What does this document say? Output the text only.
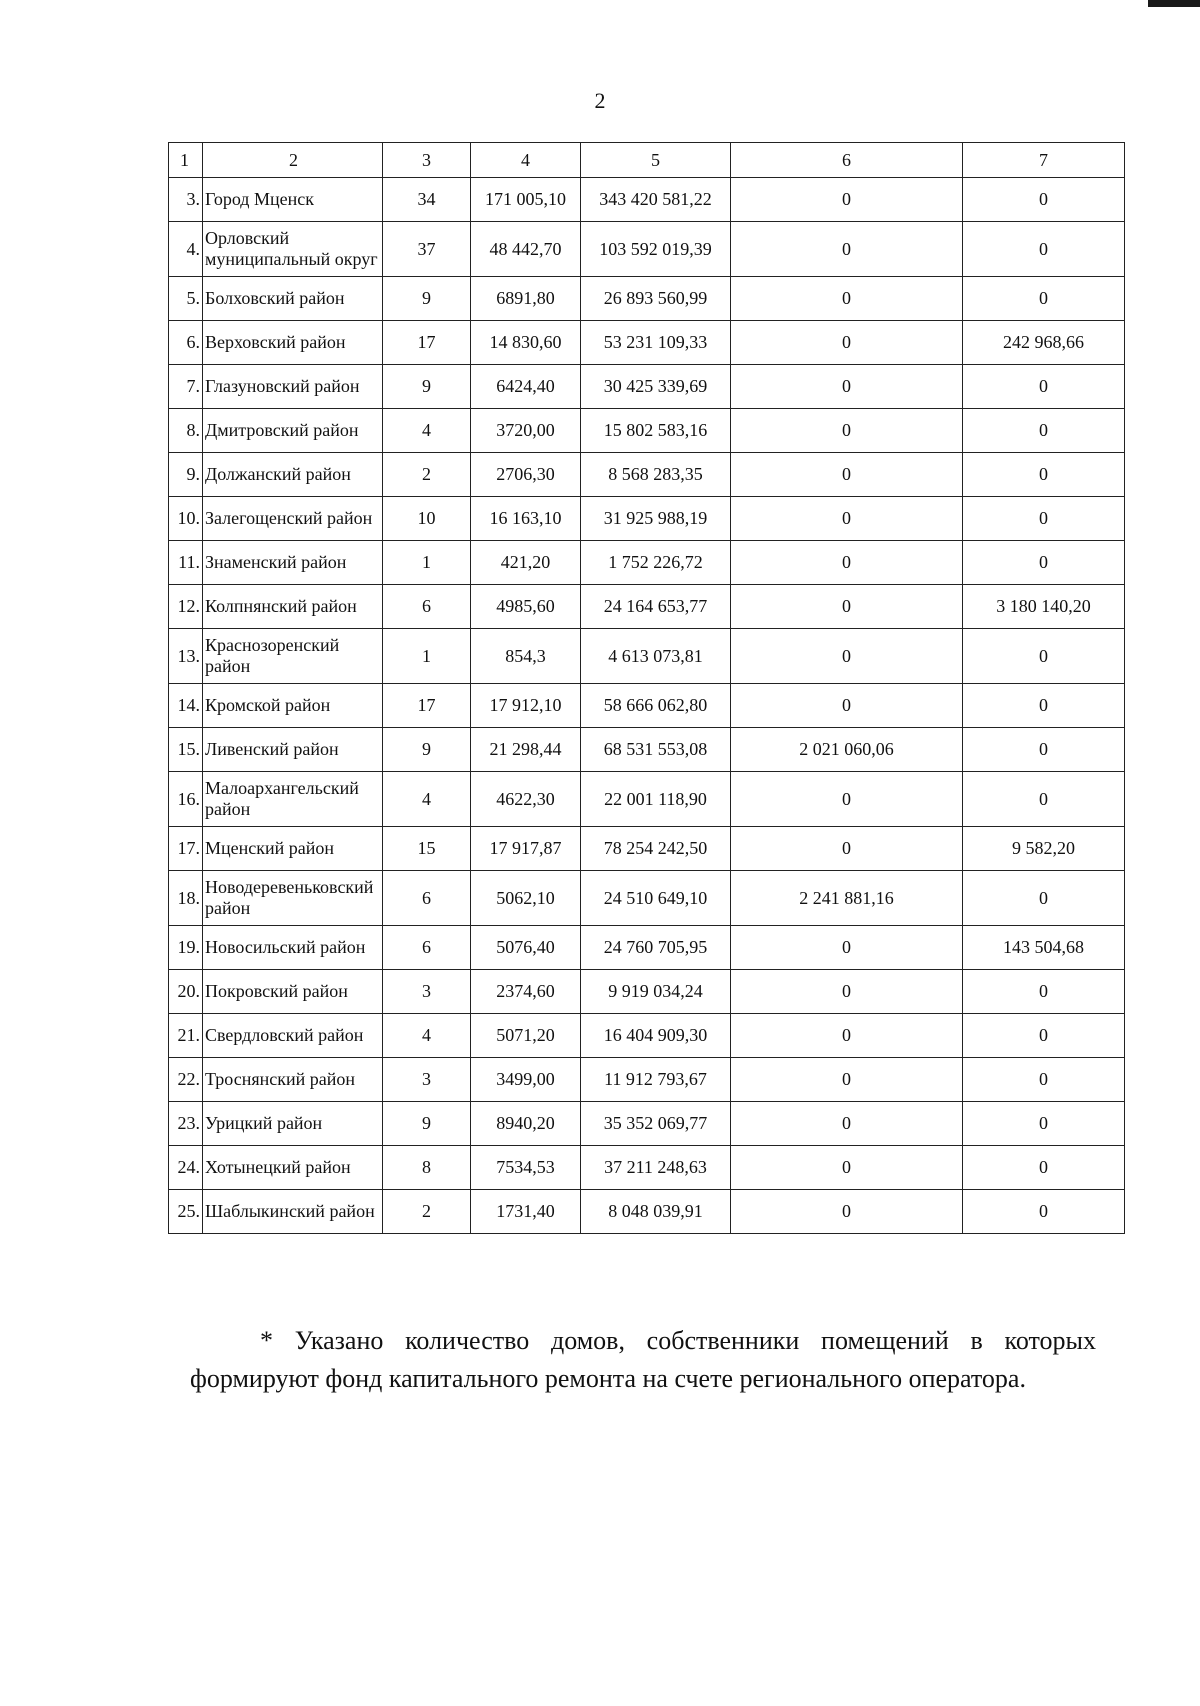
2
1	2	3	4	5	6	7
3.	Город Мценск	34	171 005,10	343 420 581,22	0	0
4.	Орловский муниципальный округ	37	48 442,70	103 592 019,39	0	0
5.	Болховский район	9	6891,80	26 893 560,99	0	0
6.	Верховский район	17	14 830,60	53 231 109,33	0	242 968,66
7.	Глазуновский район	9	6424,40	30 425 339,69	0	0
8.	Дмитровский район	4	3720,00	15 802 583,16	0	0
9.	Должанский район	2	2706,30	8 568 283,35	0	0
10.	Залегощенский район	10	16 163,10	31 925 988,19	0	0
11.	Знаменский район	1	421,20	1 752 226,72	0	0
12.	Колпнянский район	6	4985,60	24 164 653,77	0	3 180 140,20
13.	Краснозоренский район	1	854,3	4 613 073,81	0	0
14.	Кромской район	17	17 912,10	58 666 062,80	0	0
15.	Ливенский район	9	21 298,44	68 531 553,08	2 021 060,06	0
16.	Малоархангельский район	4	4622,30	22 001 118,90	0	0
17.	Мценский район	15	17 917,87	78 254 242,50	0	9 582,20
18.	Новодеревеньковский район	6	5062,10	24 510 649,10	2 241 881,16	0
19.	Новосильский район	6	5076,40	24 760 705,95	0	143 504,68
20.	Покровский район	3	2374,60	9 919 034,24	0	0
21.	Свердловский район	4	5071,20	16 404 909,30	0	0
22.	Троснянский район	3	3499,00	11 912 793,67	0	0
23.	Урицкий район	9	8940,20	35 352 069,77	0	0
24.	Хотынецкий район	8	7534,53	37 211 248,63	0	0
25.	Шаблыкинский район	2	1731,40	8 048 039,91	0	0
* Указано количество домов, собственники помещений в которых формируют фонд капитального ремонта на счете регионального оператора.
